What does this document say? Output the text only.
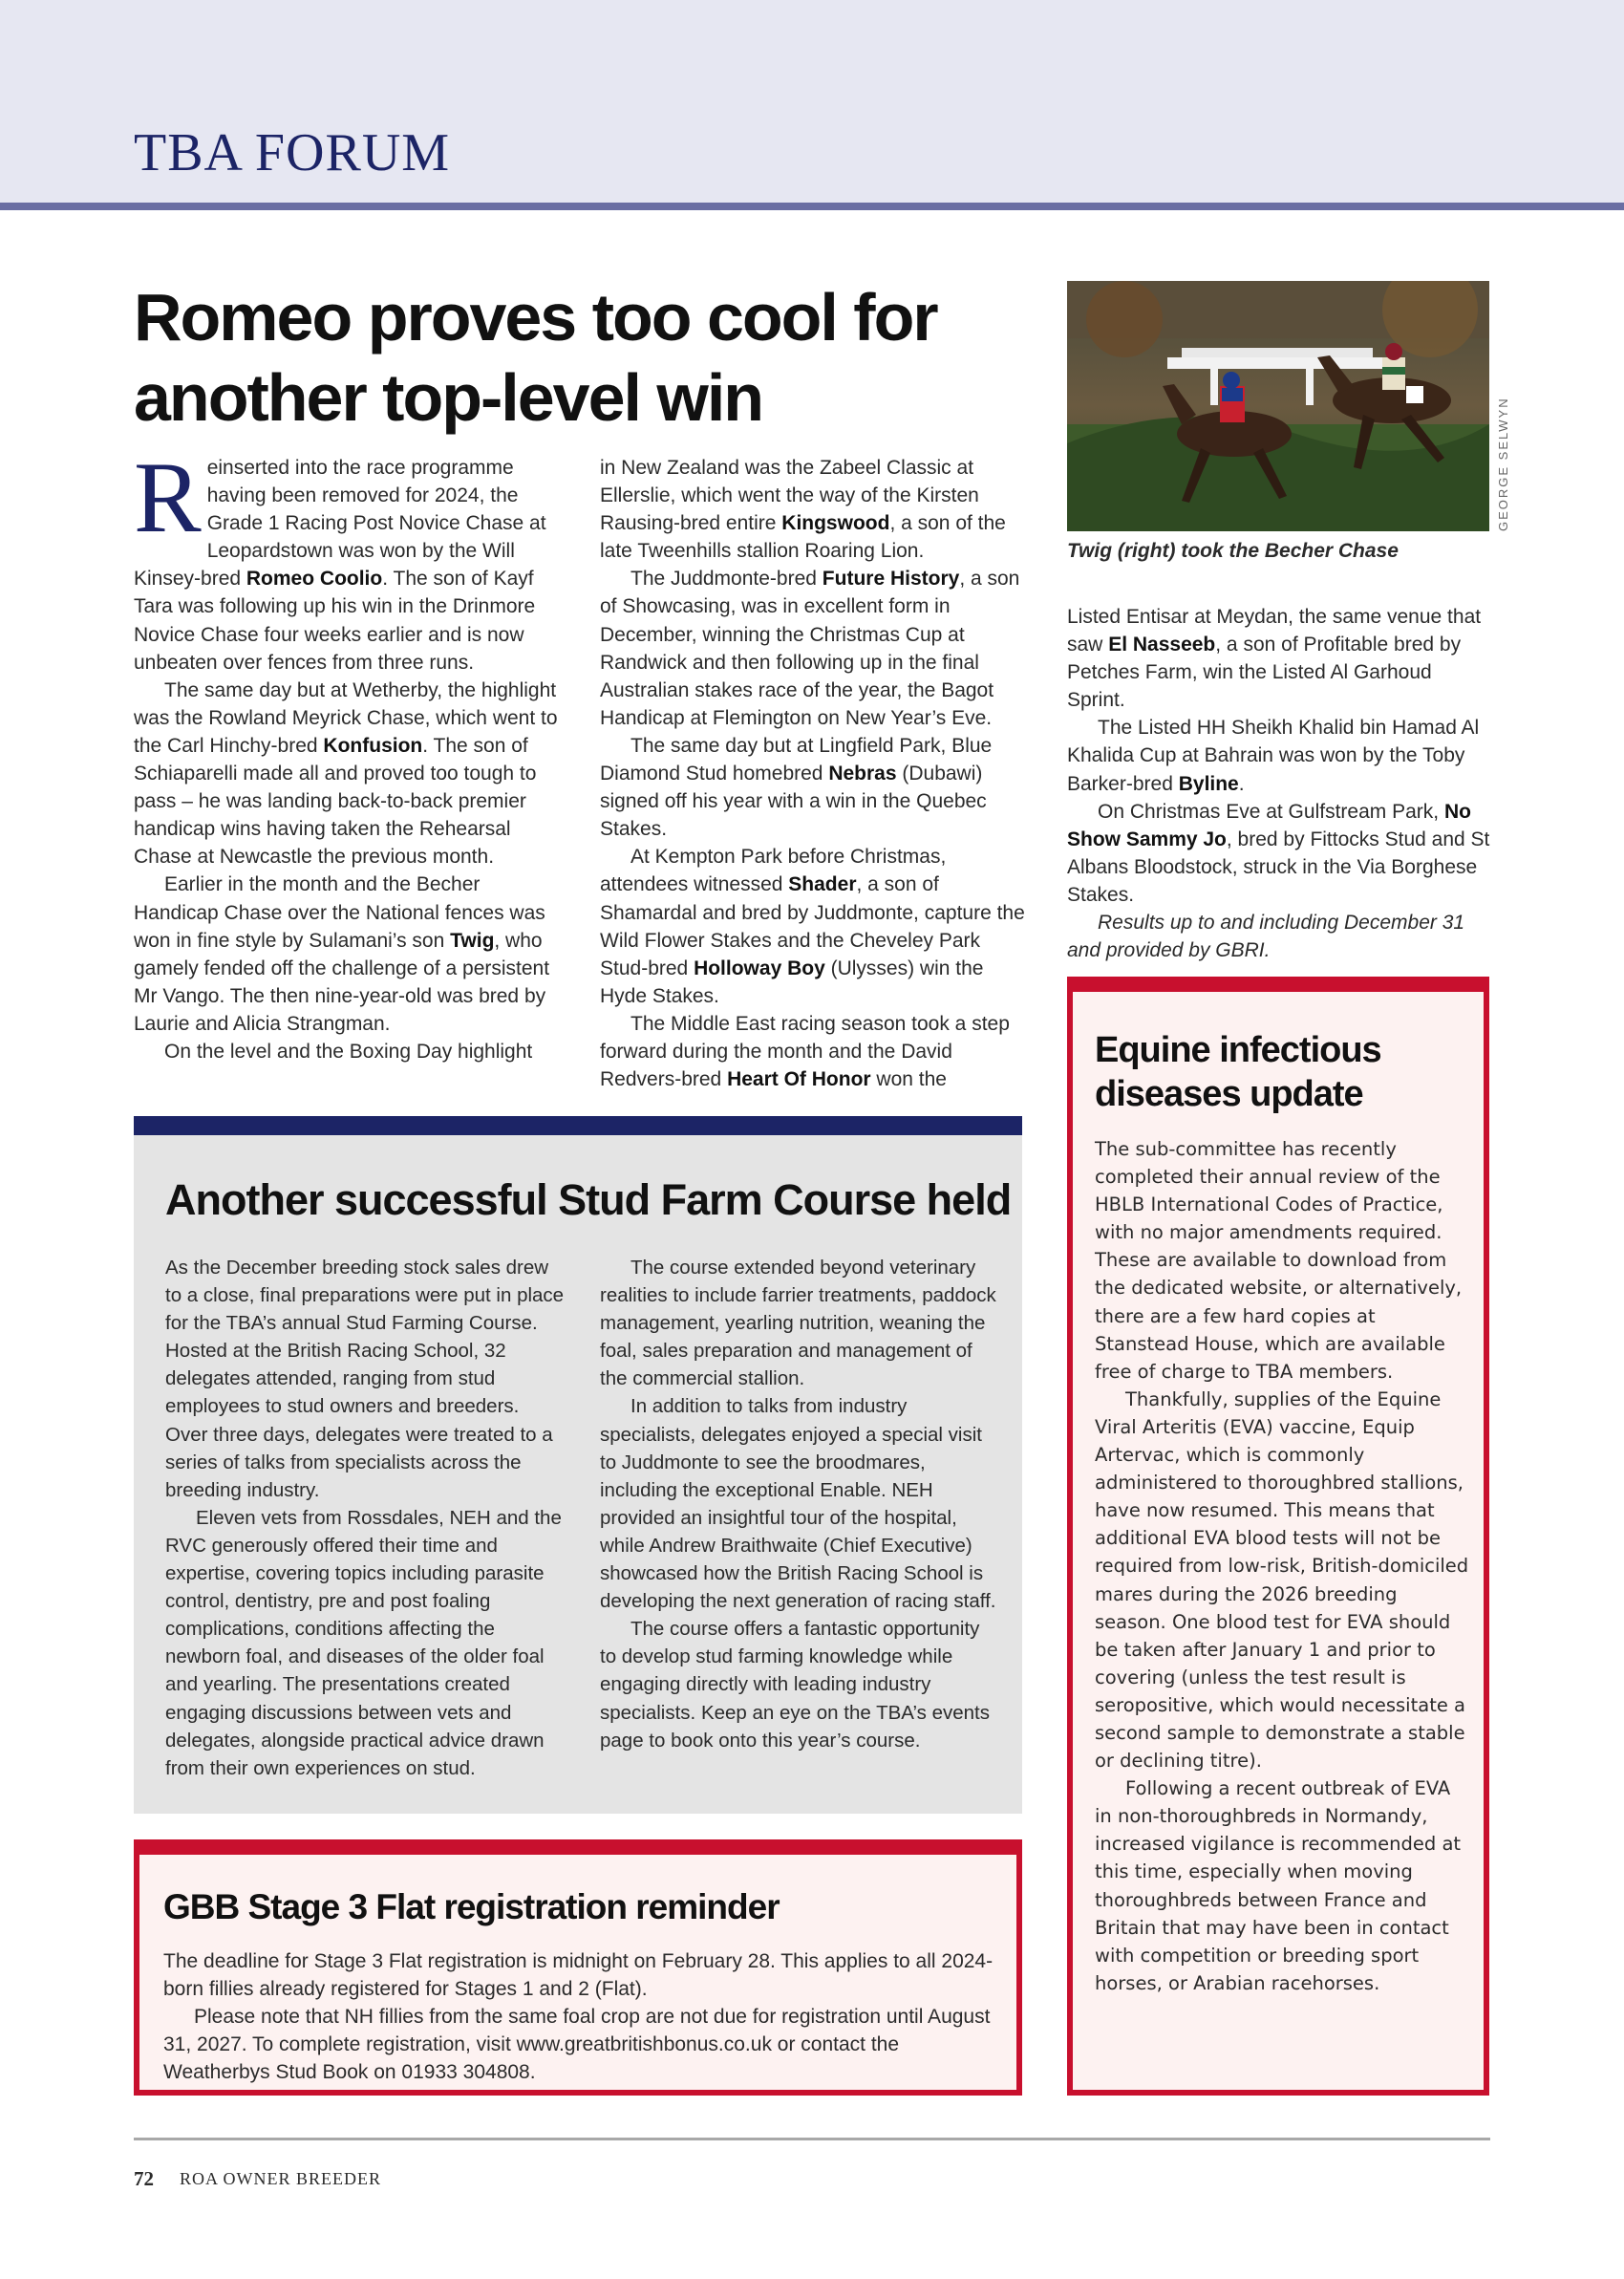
TBA FORUM
Romeo proves too cool for another top-level win

Reinserted into the race programme having been removed for 2024, the Grade 1 Racing Post Novice Chase at Leopardstown was won by the Will Kinsey-bred Romeo Coolio. The son of Kayf Tara was following up his win in the Drinmore Novice Chase four weeks earlier and is now unbeaten over fences from three runs.

The same day but at Wetherby, the highlight was the Rowland Meyrick Chase, which went to the Carl Hinchy-bred Konfusion. The son of Schiaparelli made all and proved too tough to pass – he was landing back-to-back premier handicap wins having taken the Rehearsal Chase at Newcastle the previous month.

Earlier in the month and the Becher Handicap Chase over the National fences was won in fine style by Sulamani’s son Twig, who gamely fended off the challenge of a persistent Mr Vango. The then nine-year-old was bred by Laurie and Alicia Strangman.

On the level and the Boxing Day highlight

in New Zealand was the Zabeel Classic at Ellerslie, which went the way of the Kirsten Rausing-bred entire Kingswood, a son of the late Tweenhills stallion Roaring Lion.

The Juddmonte-bred Future History, a son of Showcasing, was in excellent form in December, winning the Christmas Cup at Randwick and then following up in the final Australian stakes race of the year, the Bagot Handicap at Flemington on New Year’s Eve.

The same day but at Lingfield Park, Blue Diamond Stud homebred Nebras (Dubawi) signed off his year with a win in the Quebec Stakes.

At Kempton Park before Christmas, attendees witnessed Shader, a son of Shamardal and bred by Juddmonte, capture the Wild Flower Stakes and the Cheveley Park Stud-bred Holloway Boy (Ulysses) win the Hyde Stakes.

The Middle East racing season took a step forward during the month and the David Redvers-bred Heart Of Honor won the

GEORGE SELWYN
Twig (right) took the Becher Chase

Listed Entisar at Meydan, the same venue that saw El Nasseeb, a son of Profitable bred by Petches Farm, win the Listed Al Garhoud Sprint.

The Listed HH Sheikh Khalid bin Hamad Al Khalida Cup at Bahrain was won by the Toby Barker-bred Byline.

On Christmas Eve at Gulfstream Park, No Show Sammy Jo, bred by Fittocks Stud and St Albans Bloodstock, struck in the Via Borghese Stakes.

Results up to and including December 31 and provided by GBRI.

Another successful Stud Farm Course held

As the December breeding stock sales drew to a close, final preparations were put in place for the TBA’s annual Stud Farming Course. Hosted at the British Racing School, 32 delegates attended, ranging from stud employees to stud owners and breeders. Over three days, delegates were treated to a series of talks from specialists across the breeding industry.

Eleven vets from Rossdales, NEH and the RVC generously offered their time and expertise, covering topics including parasite control, dentistry, pre and post foaling complications, conditions affecting the newborn foal, and diseases of the older foal and yearling. The presentations created engaging discussions between vets and delegates, alongside practical advice drawn from their own experiences on stud.

The course extended beyond veterinary realities to include farrier treatments, paddock management, yearling nutrition, weaning the foal, sales preparation and management of the commercial stallion.

In addition to talks from industry specialists, delegates enjoyed a special visit to Juddmonte to see the broodmares, including the exceptional Enable. NEH provided an insightful tour of the hospital, while Andrew Braithwaite (Chief Executive) showcased how the British Racing School is developing the next generation of racing staff.

The course offers a fantastic opportunity to develop stud farming knowledge while engaging directly with leading industry specialists. Keep an eye on the TBA’s events page to book onto this year’s course.

GBB Stage 3 Flat registration reminder

The deadline for Stage 3 Flat registration is midnight on February 28. This applies to all 2024-born fillies already registered for Stages 1 and 2 (Flat).

Please note that NH fillies from the same foal crop are not due for registration until August 31, 2027. To complete registration, visit www.greatbritishbonus.co.uk or contact the Weatherbys Stud Book on 01933 304808.

Equine infectious diseases update

The sub-committee has recently completed their annual review of the HBLB International Codes of Practice, with no major amendments required. These are available to download from the dedicated website, or alternatively, there are a few hard copies at Stanstead House, which are available free of charge to TBA members.

Thankfully, supplies of the Equine Viral Arteritis (EVA) vaccine, Equip Artervac, which is commonly administered to thoroughbred stallions, have now resumed. This means that additional EVA blood tests will not be required from low-risk, British-domiciled mares during the 2026 breeding season. One blood test for EVA should be taken after January 1 and prior to covering (unless the test result is seropositive, which would necessitate a second sample to demonstrate a stable or declining titre).

Following a recent outbreak of EVA in non-thoroughbreds in Normandy, increased vigilance is recommended at this time, especially when moving thoroughbreds between France and Britain that may have been in contact with competition or breeding sport horses, or Arabian racehorses.

72 ROA OWNER BREEDER
